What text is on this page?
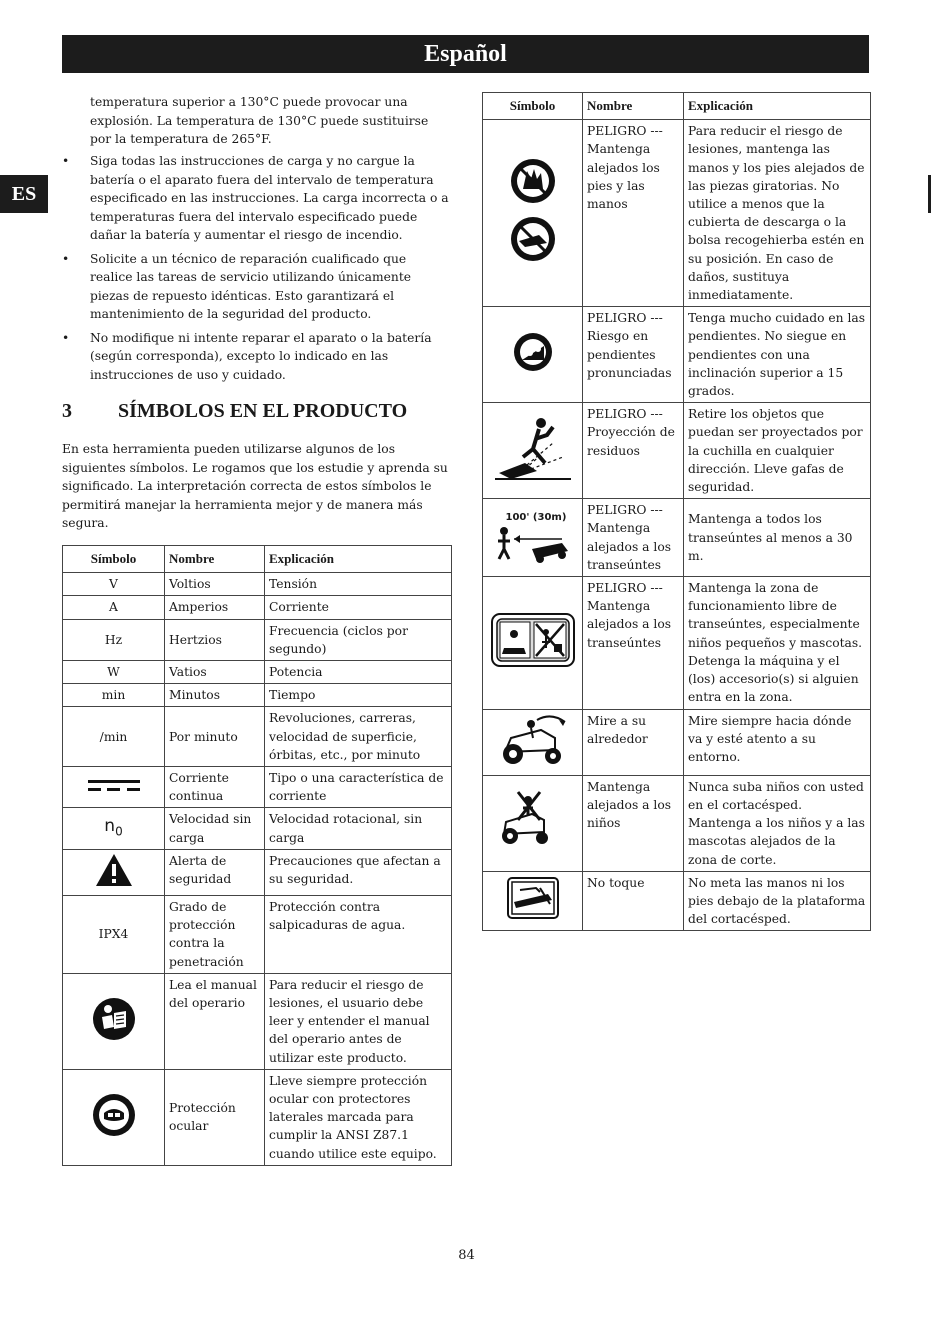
Español
ES

temperatura superior a 130°C puede provocar una explosión. La temperatura de 130°C puede sustituirse por la temperatura de 265°F.

• Siga todas las instrucciones de carga y no cargue la batería o el aparato fuera del intervalo de temperatura especificado en las instrucciones. La carga incorrecta o a temperaturas fuera del intervalo especificado puede dañar la batería y aumentar el riesgo de incendio.
• Solicite a un técnico de reparación cualificado que realice las tareas de servicio utilizando únicamente piezas de repuesto idénticas. Esto garantizará el mantenimiento de la seguridad del producto.
• No modifique ni intente reparar el aparato o la batería (según corresponda), excepto lo indicado en las instrucciones de uso y cuidado.
3	SÍMBOLOS EN EL PRODUCTO

En esta herramienta pueden utilizarse algunos de los siguientes símbolos. Le rogamos que los estudie y aprenda su significado. La interpretación correcta de estos símbolos le permitirá manejar la herramienta mejor y de manera más segura.

Símbolo	Nombre	Explicación
V	Voltios	Tensión
A	Amperios	Corriente
Hz	Hertzios	Frecuencia (ciclos por segundo)
W	Vatios	Potencia
min	Minutos	Tiempo
/min	Por minuto	Revoluciones, carreras, velocidad de superficie, órbitas, etc., por minuto

	Corriente continua	Tipo o una característica de corriente
$n_0$	Velocidad sin carga	Velocidad rotacional, sin carga
	Alerta de seguridad	Precauciones que afectan a su seguridad.
IPX4	Grado de protección contra la penetración	Protección contra salpicaduras de agua.
	Lea el manual del operario	Para reducir el riesgo de lesiones, el usuario debe leer y entender el manual del operario antes de utilizar este producto.
	Protección ocular	Lleve siempre protección ocular con protectores laterales marcada para cumplir la ANSI Z87.1 cuando utilice este equipo.
Símbolo	Nombre	Explicación
	PELIGRO --- Mantenga alejados los pies y las manos	Para reducir el riesgo de lesiones, mantenga las manos y los pies alejados de las piezas giratorias. No utilice a menos que la cubierta de descarga o la bolsa recogehierba estén en su posición. En caso de daños, sustituya inmediatamente.
	PELIGRO --- Riesgo en pendientes pronunciadas	Tenga mucho cuidado en las pendientes. No siegue en pendientes con una inclinación superior a 15 grados.
	PELIGRO --- Proyección de residuos	Retire los objetos que puedan ser proyectados por la cuchilla en cualquier dirección. Lleve gafas de seguridad.

100' (30m)	PELIGRO --- Mantenga alejados a los transeúntes	Mantenga a todos los transeúntes al menos a 30 m.
	PELIGRO --- Mantenga alejados a los transeúntes	Mantenga la zona de funcionamiento libre de transeúntes, especialmente niños pequeños y mascotas. Detenga la máquina y el (los) accesorio(s) si alguien entra en la zona.
	Mire a su alrededor	Mire siempre hacia dónde va y esté atento a su entorno.
	Mantenga alejados a los niños	Nunca suba niños con usted en el cortacésped. Mantenga a los niños y a las mascotas alejados de la zona de corte.
	No toque	No meta las manos ni los pies debajo de la plataforma del cortacésped.
84
